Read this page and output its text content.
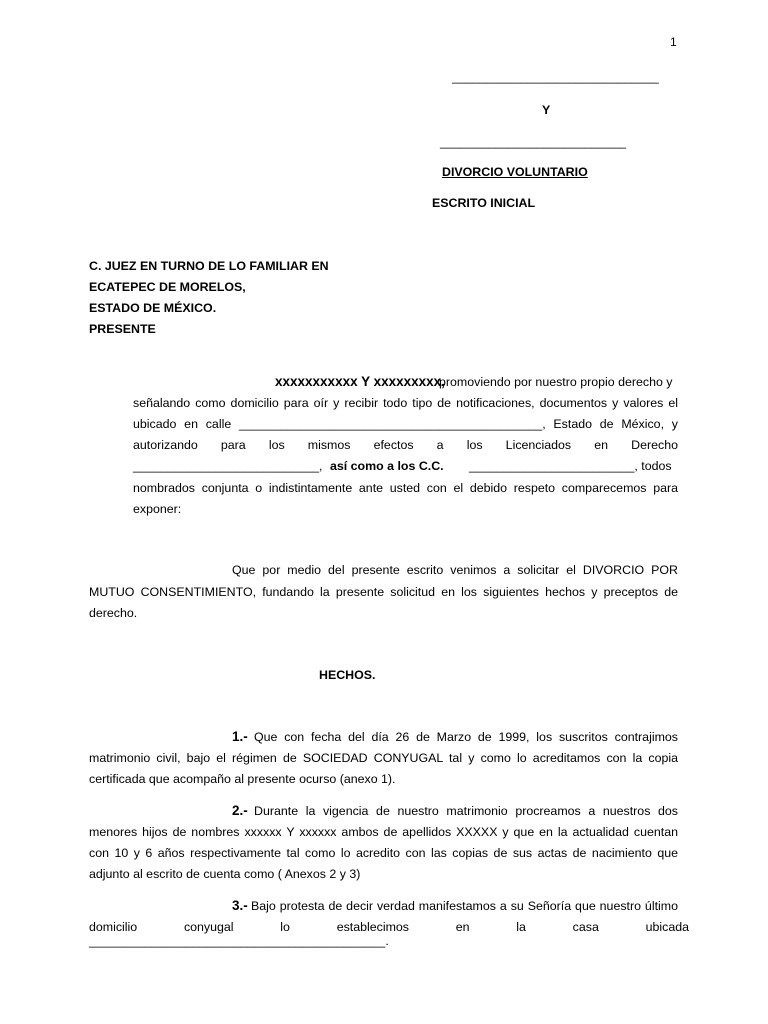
1
______________________________
Y
___________________________
DIVORCIO VOLUNTARIO
ESCRITO INICIAL
C. JUEZ EN TURNO DE LO FAMILIAR EN
ECATEPEC DE MORELOS,
ESTADO DE MÉXICO.
PRESENTE
xxxxxxxxxxx Y xxxxxxxxx,
promoviendo por nuestro propio derecho y
señalando como domicilio para oír y recibir todo tipo de notificaciones, documentos y valores el
ubicado en calle ____________________________________________, Estado de México, y
autorizando para los mismos efectos a los Licenciados en Derecho
___________________________, así como a los C.C. ________________________, todos
nombrados conjunta o indistintamente ante usted con el debido respeto comparecemos para
exponer:
Que por medio del presente escrito venimos a solicitar el DIVORCIO POR
MUTUO CONSENTIMIENTO, fundando la presente solicitud en los siguientes hechos y preceptos de
derecho.
HECHOS.
1.- Que con fecha del día 26 de Marzo de 1999, los suscritos contrajimos
matrimonio civil, bajo el régimen de SOCIEDAD CONYUGAL tal y como lo acreditamos con la copia
certificada que acompaño al presente ocurso (anexo 1).
2.- Durante la vigencia de nuestro matrimonio procreamos a nuestros dos
menores hijos de nombres xxxxxx Y xxxxxx ambos de apellidos XXXXX y que en la actualidad cuentan
con 10 y 6 años respectivamente tal como lo acredito con las copias de sus actas de nacimiento que
adjunto al escrito de cuenta como ( Anexos 2 y 3)
3.- Bajo protesta de decir verdad manifestamos a su Señoría que nuestro último
domicilio conyugal lo establecimos en la casa ubicada ___________________________________________.
